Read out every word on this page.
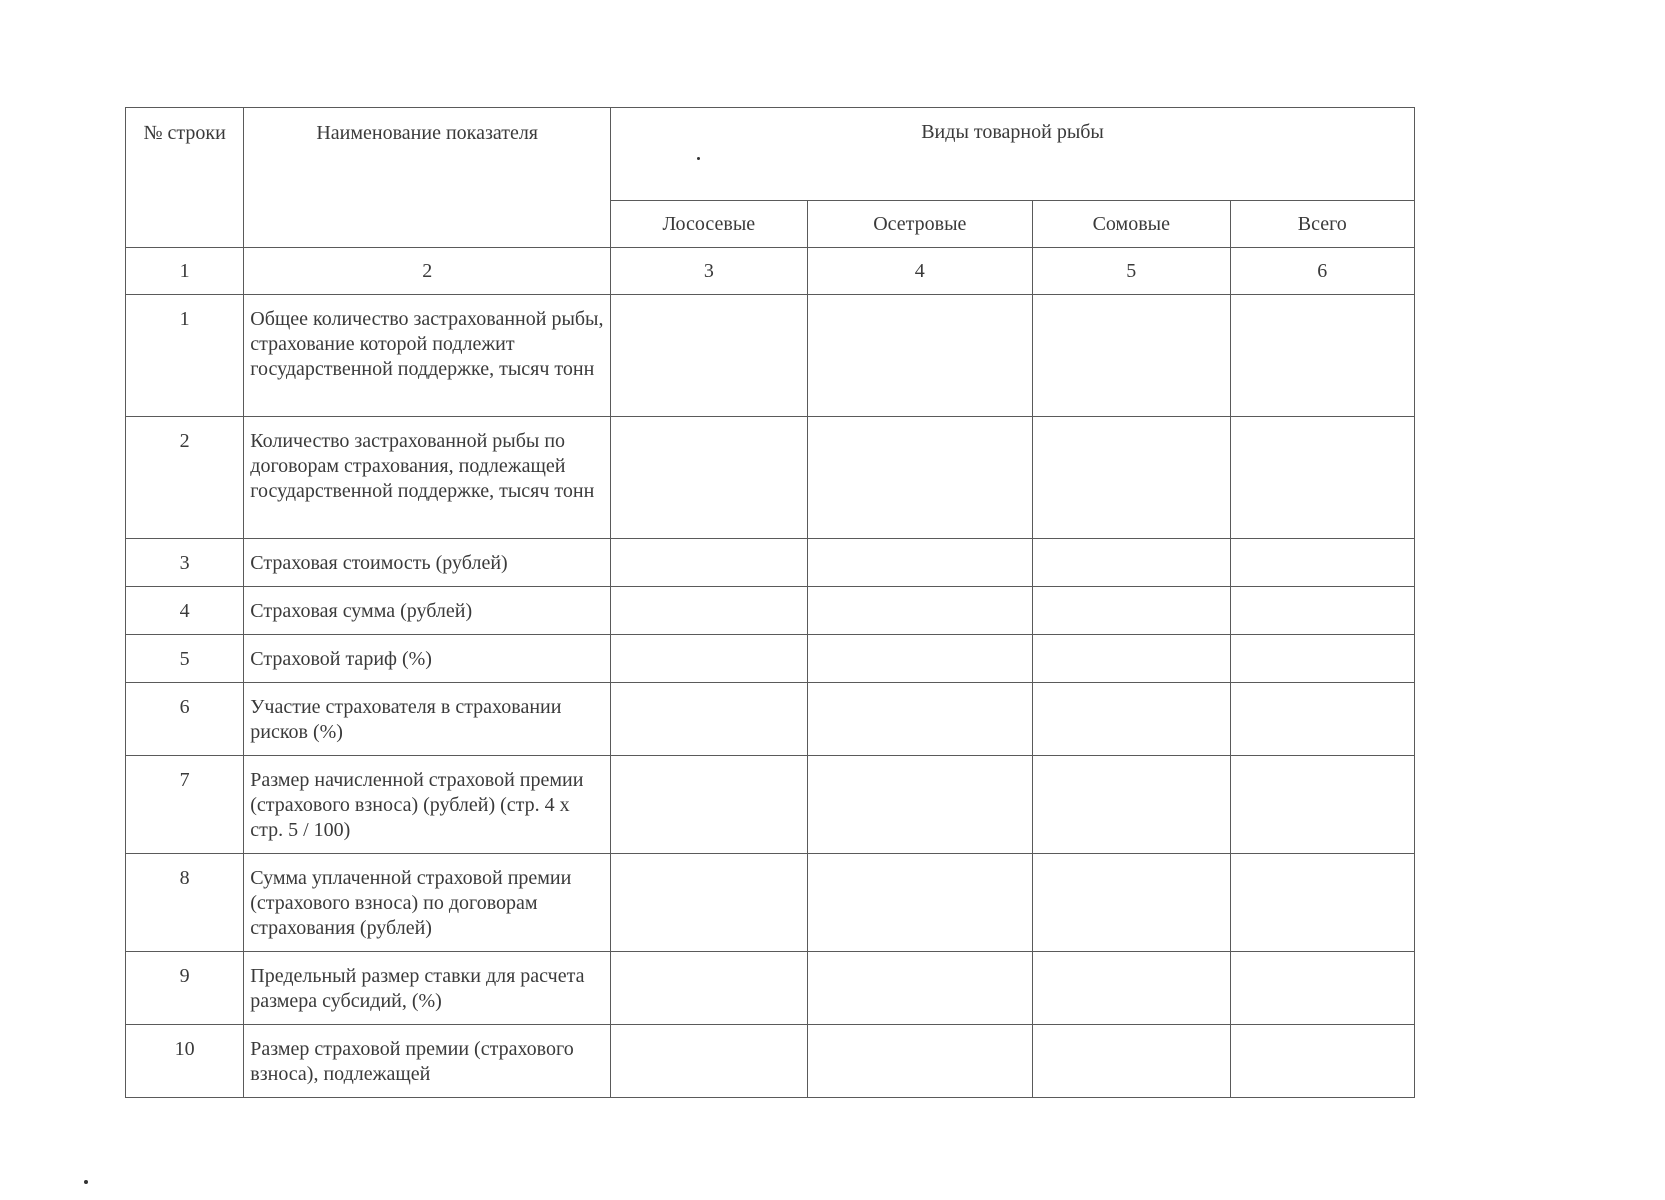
№ строки	Наименование показателя	Виды товарной рыбы			
		Лососевые	Осетровые	Сомовые	Всего
1	2	3	4	5	6
1	Общее количество застрахованной рыбы, страхование которой подлежит государственной поддержке, тысяч тонн				
2	Количество застрахованной рыбы по договорам страхования, подлежащей государственной поддержке, тысяч тонн				
3	Страховая стоимость (рублей)				
4	Страховая сумма (рублей)				
5	Страховой тариф (%)				
6	Участие страхователя в страховании рисков (%)				
7	Размер начисленной страховой премии (страхового взноса) (рублей) (стр. 4 х стр. 5 / 100)				
8	Сумма уплаченной страховой премии (страхового взноса) по договорам страхования (рублей)				
9	Предельный размер ставки для расчета размера субсидий, (%)				
10	Размер страховой премии (страхового взноса), подлежащей				
